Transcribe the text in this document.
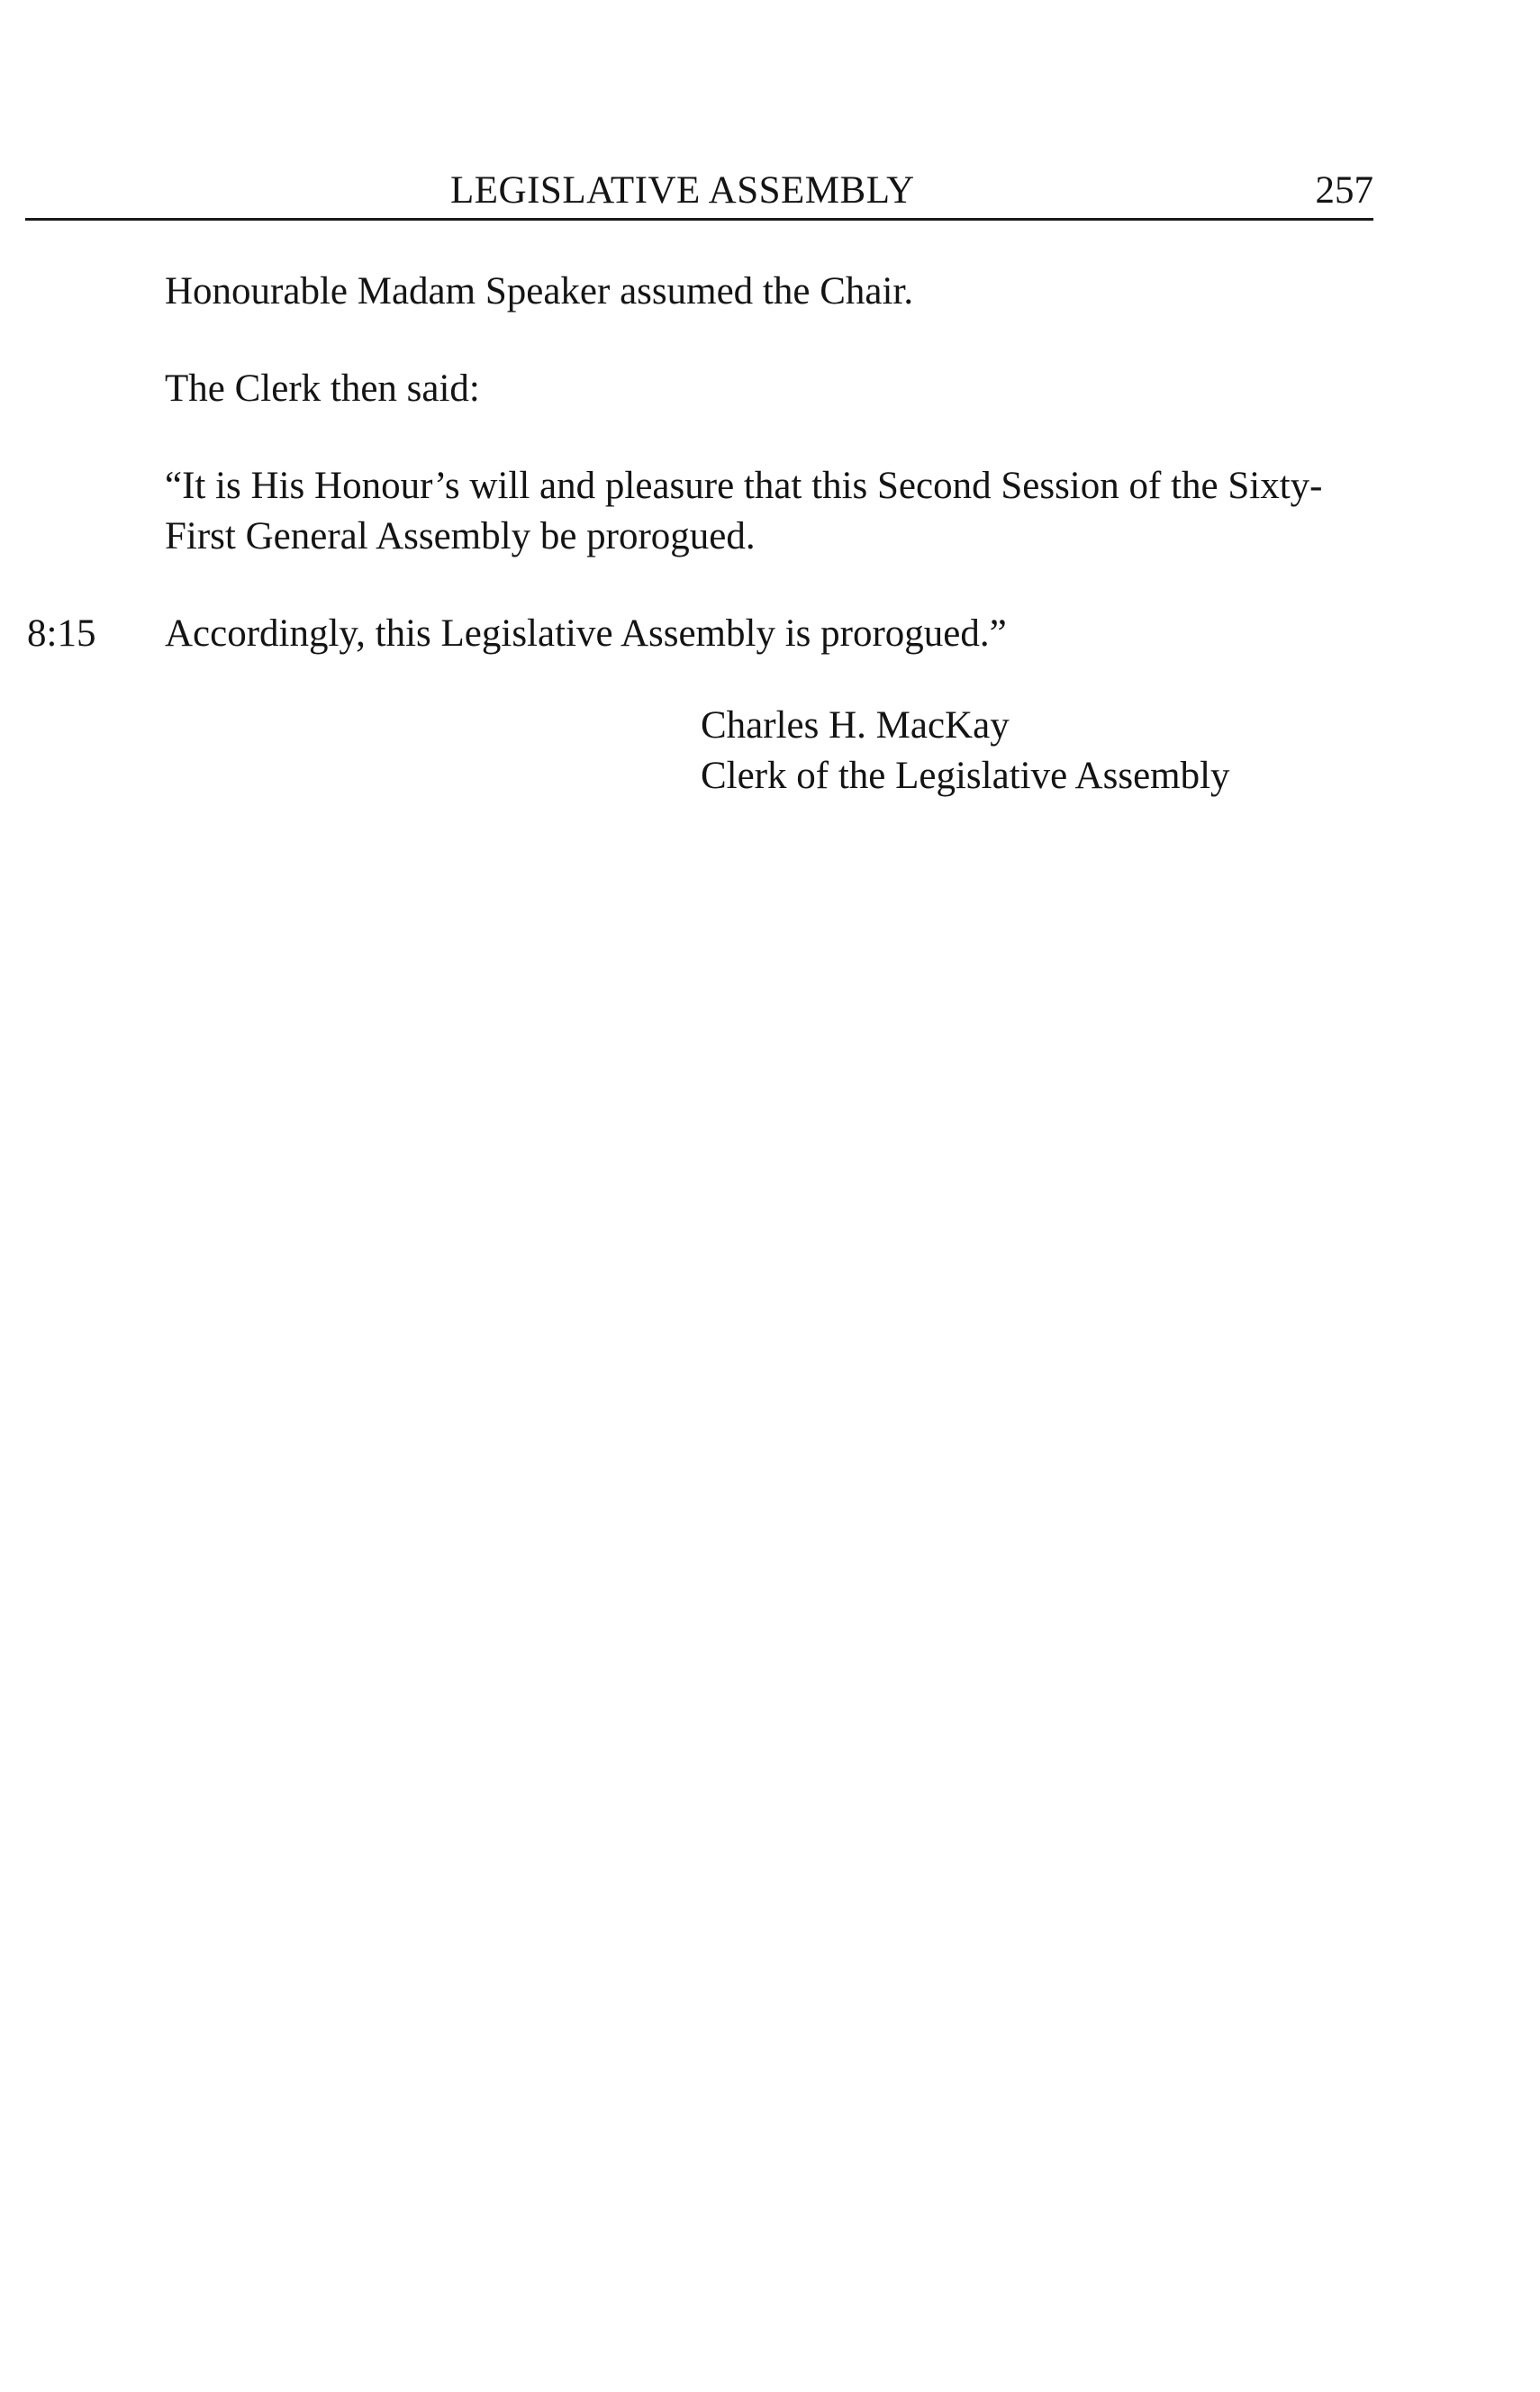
LEGISLATIVE ASSEMBLY	257
Honourable Madam Speaker assumed the Chair.
The Clerk then said:
“It is His Honour’s will and pleasure that this Second Session of the Sixty-
First General Assembly be prorogued.
8:15 Accordingly, this Legislative Assembly is prorogued.”
Charles H. MacKay
Clerk of the Legislative Assembly
